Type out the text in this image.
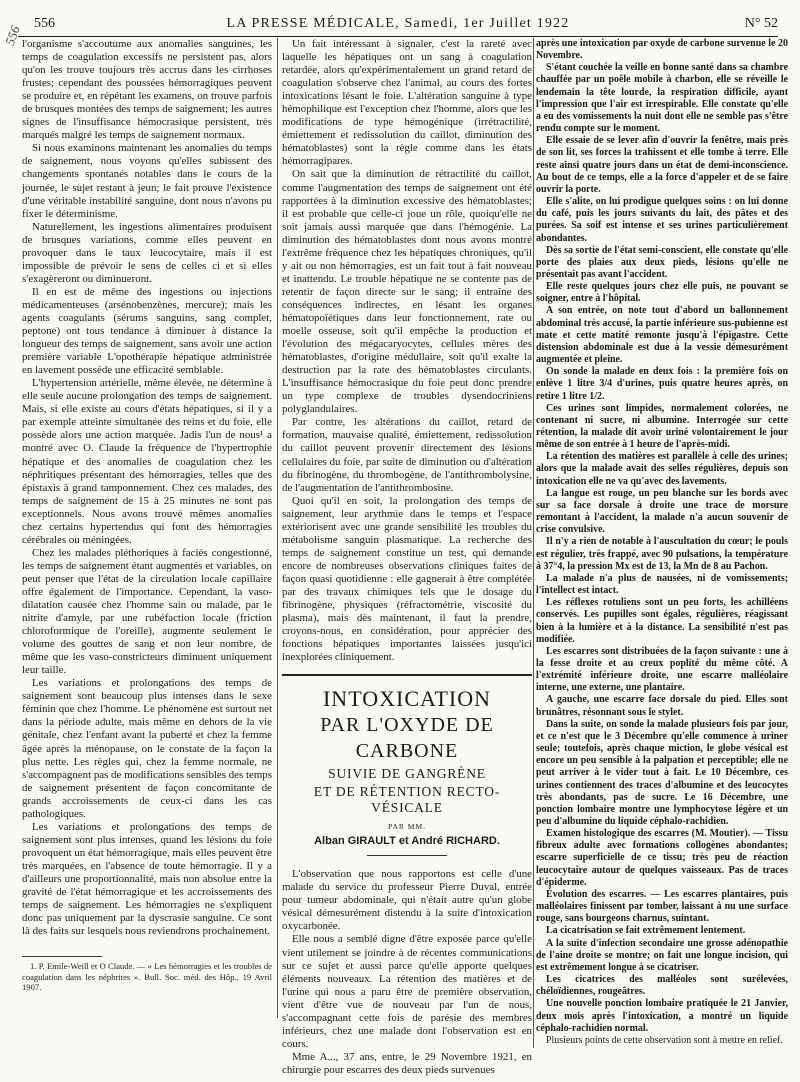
556	LA PRESSE MÉDICALE, Samedi, 1er Juillet 1922	N° 52
556 l'organisme s'accoutume aux anomalies sanguines, les temps de coagulation excessifs ne persistent pas, alors qu'on les trouve toujours très accrus dans les cirrhoses frustes; cependant des poussées hémorragiques peuvent se produire et, en répétant les examens, on trouve parfois de brusques montées des temps de saignement; les autres signes de l'insuffisance hémocrasique persistent, très marqués malgré les temps de saignement normaux.

Si nous examinons maintenant les anomalies du temps de saignement, nous voyons qu'elles subissent des changements spontanés notables dans le cours de la journée, le sujet restant à jeun; le fait prouve l'existence d'une véritable instabilité sanguine, dont nous n'avons pu fixer le déterminisme.

Naturellement, les ingestions alimentaires produisent de brusques variations, comme elles peuvent en provoquer dans le taux leucocytaire, mais il est impossible de prévoir le sens de celles ci et si elles s'exagèreront ou diminueront.

Il en est de même des ingestions ou injections médicamenteuses (arsénobenzènes, mercure); mais les agents coagulants (sérums sanguins, sang complet, peptone) ont tous tendance à diminuer à distance la longueur des temps de saignement, sans avoir une action première variable L'opothérapie hépatique administrée en lavement possède une efficacité semblable.

L'hypertension artérielle, même élevée, ne détermine à elle seule aucune prolongation des temps de saignement. Mais, si elle existe au cours d'états hépatiques, si il y a par exemple atteinte simultanée des reins et du foie, elle possède alors une action marquée. Jadis l'un de nous¹ a montré avec O. Claude la fréquence de l'hypertrophie hépatique et des anomalies de coagulation chez les néphritiques présentant des hémorragies, telles que des épistaxis à grand tamponnement. Chez ces malades, des temps de saignement de 15 à 25 minutes ne sont pas exceptionnels. Nous avons trouvé mêmes anomalies chez certains hypertendus qui font des hémorragies cérébrales ou méningées.

Chez les malades pléthoriques à faciès congestionné, les temps de saignement étant augmentés et variables, on peut penser que l'état de la circulation locale capillaire offre également de l'importance. Cependant, la vaso-dilatation causée chez l'homme sain ou malade, par le nitrite d'amyle, par une rubéfaction locale (friction chloroformique de l'oreille), augmente seulement le volume des gouttes de sang et non leur nombre, de même que les vaso-constricteurs diminuent uniquement leur taille.

Les variations et prolongations des temps de saignement sont beaucoup plus intenses dans le sexe féminin que chez l'homme. Le phénomène est surtout net dans la période adulte, mais même en dehors de la vie génitale, chez l'enfant avant la puberté et chez la femme âgée après la ménopause, on le constate de la façon la plus nette. Les règles qui, chez la femme normale, ne s'accompagnent pas de modifications sensibles des temps de saignement présentent de façon concomitante de grands accroissements de ceux-ci dans les cas pathologiques.

Les variations et prolongations des temps de saignement sont plus intenses, quand les lésions du foie provoquent un état hémorragique, mais elles peuvent être très marquées, en l'absence de toute hémorragie. Il y a d'ailleurs une proportionnalité, mais non absolue entre la gravité de l'état hémorragique et les accroissements des temps de saignement. Les hémorragies ne s'expliquent donc pas uniquement par la dyscrasie sanguine. Ce sont là des faits sur lesquels nous reviendrons prochainement.

1. P. Emile-Weill et O Claude. — « Les hémorragies et les troubles de coagulation dans les néphrites ». Bull. Soc. méd. des Hôp., 19 Avril 1907.

Un fait intéressant à signaler, c'est la rareté avec laquelle les hépatiques ont un sang à coagulation retardée, alors qu'expérimentalement un grand retard de coagulation s'observe chez l'animal, au cours des fortes intoxications lésant le foie. L'altération sanguine à type hémophilique est l'exception chez l'homme, alors que les modifications de type hémogénique (irrétractilité, émiettement et redissolution du caillot, diminution des hématoblastes) sont la règle comme dans les états hémorragipares.

On sait que la diminution de rétractilité du caillot, comme l'augmentation des temps de saignement ont été rapportées à la diminution excessive des hématoblastes; il est probable que celle-ci joue un rôle, quoiqu'elle ne soit jamais aussi marquée que dans l'hémogénie. La diminution des hématoblastes dont nous avons montré l'extrême fréquence chez les hépatiques chroniques, qu'il y ait ou non hémorragies, est un fait tout à fait nouveau et inattendu. Le trouble hépatique ne se contente pas de retentir de façon directe sur le sang; il entraîne des conséquences indirectes, en lésant les organes hématopoïétiques dans leur fonctionnement, rate ou moelle osseuse, soit qu'il empêche la production et l'évolution des mégacaryocytes, cellules mères des hématoblastes, d'origine médullaire, soit qu'il exalte la destruction par la rate des hématoblastes circulants. L'insuffisance hémocrasique du foie peut donc prendre un type complexe de troubles dysendocriniens polyglandulaires.

Par contre, les altérations du caillot, retard de formation, mauvaise qualité, émiettement, redissolution du caillot peuvent provenir directement des lésions cellulaires du foie, par suite de diminution ou d'altération du fibrinogène, du thrombogène, de l'antithrombolysine, de l'augmentation de l'antithrombosine.

Quoi qu'il en soit, la prolongation des temps de saignement, leur arythmie dans le temps et l'espace extériorisent avec une grande sensibilité les troubles du métabolisme sanguin plasmatique. La recherche des temps de saignement constitue un test, qui demande encore de nombreuses observations cliniques faites de façon quasi quotidienne : elle gagnerait à être complétée par des travaux chimiques tels que le dosage du fibrinogène, physiques (réfractométrie, viscosité du plasma), mais dès maintenant, il faut la prendre, croyons-nous, en considération, pour apprécier des fonctions hépatiques importantes laissées jusqu'ici inexplorées cliniquement.

INTOXICATION
PAR L'OXYDE DE CARBONE
SUIVIE DE GANGRÈNE
ET DE RÉTENTION RECTO-VÉSICALE
PAR MM.
Alban GIRAULT et André RICHARD.

L'observation que nous rapportons est celle d'une malade du service du professeur Pierre Duval, entrée pour tumeur abdominale, qui n'était autre qu'un globe vésical démesurément distendu à la suite d'intoxication oxycarbonée.

Elle nous a semblé digne d'être exposée parce qu'elle vient utilement se joindre à de récentes communications sur ce sujet et aussi parce qu'elle apporte quelques éléments nouveaux. La rétention des matières et de l'urine qui nous a paru être de première observation, vient d'être vue de nouveau par l'un de nous, s'accompagnant cette fois de parésie des membres inférieurs, chez une malade dont l'observation est en cours.

Mme A..., 37 ans, entre, le 29 Novembre 1921, en chirurgie pour escarres des deux pieds survenues

après une intoxication par oxyde de carbone survenue le 20 Novembre.

S'étant couchée la veille en bonne santé dans sa chambre chauffée par un poêle mobile à charbon, elle se réveille le lendemain la tête lourde, la respiration difficile, ayant l'impression que l'air est irrespirable. Elle constate qu'elle a eu des vomissements la nuit dont elle ne semble pas s'être rendu compte sur le moment.

Elle essaie de se lever afin d'ouvrir la fenêtre, mais près de son lit, ses forces la trahissent et elle tombe à terre. Elle reste ainsi quatre jours dans un état de demi-inconscience. Au bout de ce temps, elle a la force d'appeler et de se faire ouvrir la porte.

Elle s'alite, on lui prodigue quelques soins : on lui donne du café, puis les jours suivants du lait, des pâtes et des purées. Sa soif est intense et ses urines particulièrement abondantes.

Dès sa sortie de l'état semi-conscient, elle constate qu'elle porte des plaies aux deux pieds, lésions qu'elle ne présentait pas avant l'accident.

Elle reste quelques jours chez elle puis, ne pouvant se soigner, entre à l'hôpital.

A son entrée, on note tout d'abord un ballonnement abdominal très accusé, la partie inférieure sus-pubienne est mate et cette matité remonte jusqu'à l'épigastre. Cette distension abdominale est due à la vessie démesurément augmentée et pleine.

On sonde la malade en deux fois : la première fois on enlève 1 litre 3/4 d'urines, puis quatre heures après, on retire 1 litre 1/2.

Ces urines sont limpides, normalement colorées, ne contenant ni sucre, ni albumine. Interrogée sur cette rétention, la malade dit avoir uriné volontairement le jour même de son entrée à 1 heure de l'après-midi.

La rétention des matières est parallèle à celle des urines; alors que la malade avait des selles régulières, depuis son intoxication elle ne va qu'avec des lavements.

La langue est rouge, un peu blanche sur les bords avec sur sa face dorsale à droite une trace de morsure remontant à l'accident, la malade n'a aucun souvenir de crise convulsive.

Il n'y a rien de notable à l'auscultation du cœur; le pouls est régulier, très frappé, avec 90 pulsations, la température à 37°4, la pression Mx est de 13, la Mn de 8 au Pachon.

La malade n'a plus de nausées, ni de vomissements; l'intellect est intact.

Les réflexes rotuliens sont un peu forts, les achilléens conservés. Les pupilles sont égales, régulières, réagissant bien à la lumière et à la distance. La sensibilité n'est pas modifiée.

Les escarres sont distribuées de la façon suivante : une à la fesse droite et au creux poplité du même côté. A l'extrémité inférieure droite, une escarre malléolaire interne, une externe, une plantaire.

A gauche, une escarre face dorsale du pied. Elles sont brunâtres, résonnant sous le stylet.

Dans la suite, on sonde la malade plusieurs fois par jour, et ce n'est que le 3 Décembre qu'elle commence à uriner seule; toutefois, après chaque miction, le globe vésical est encore un peu sensible à la palpation et perceptible; elle ne peut arriver à le vider tout à fait. Le 10 Décembre, ces urines contiennent des traces d'albumine et des leucocytes très abondants, pas de sucre. Le 16 Décembre, une ponction lombaire montre une lymphocytose légère et un peu d'albumine du liquide céphalo-rachidien.

Examen histologique des escarres (M. Moutier). — Tissu fibreux adulte avec formations collogènes abondantes; escarre superficielle de ce tissu; très peu de réaction leucocytaire autour de quelques vaisseaux. Pas de traces d'épiderme.

Évolution des escarres. — Les escarres plantaires, puis malléolaires finissent par tomber, laissant à nu une surface rouge, sans bourgeons charnus, suintant.

La cicatrisation se fait extrêmement lentement.

A la suite d'infection secondaire une grosse adénopathie de l'aine droite se montre; on fait une longue incision, qui est extrêmement longue à se cicatriser.

Les cicatrices des malléoles sont surélevées, chéloïdiennes, rougeâtres.

Une nouvelle ponction lombaire pratiquée le 21 Janvier, deux mois après l'intoxication, a montré un liquide céphalo-rachidien normal.

Plusieurs points de cette observation sont à mettre en relief.
